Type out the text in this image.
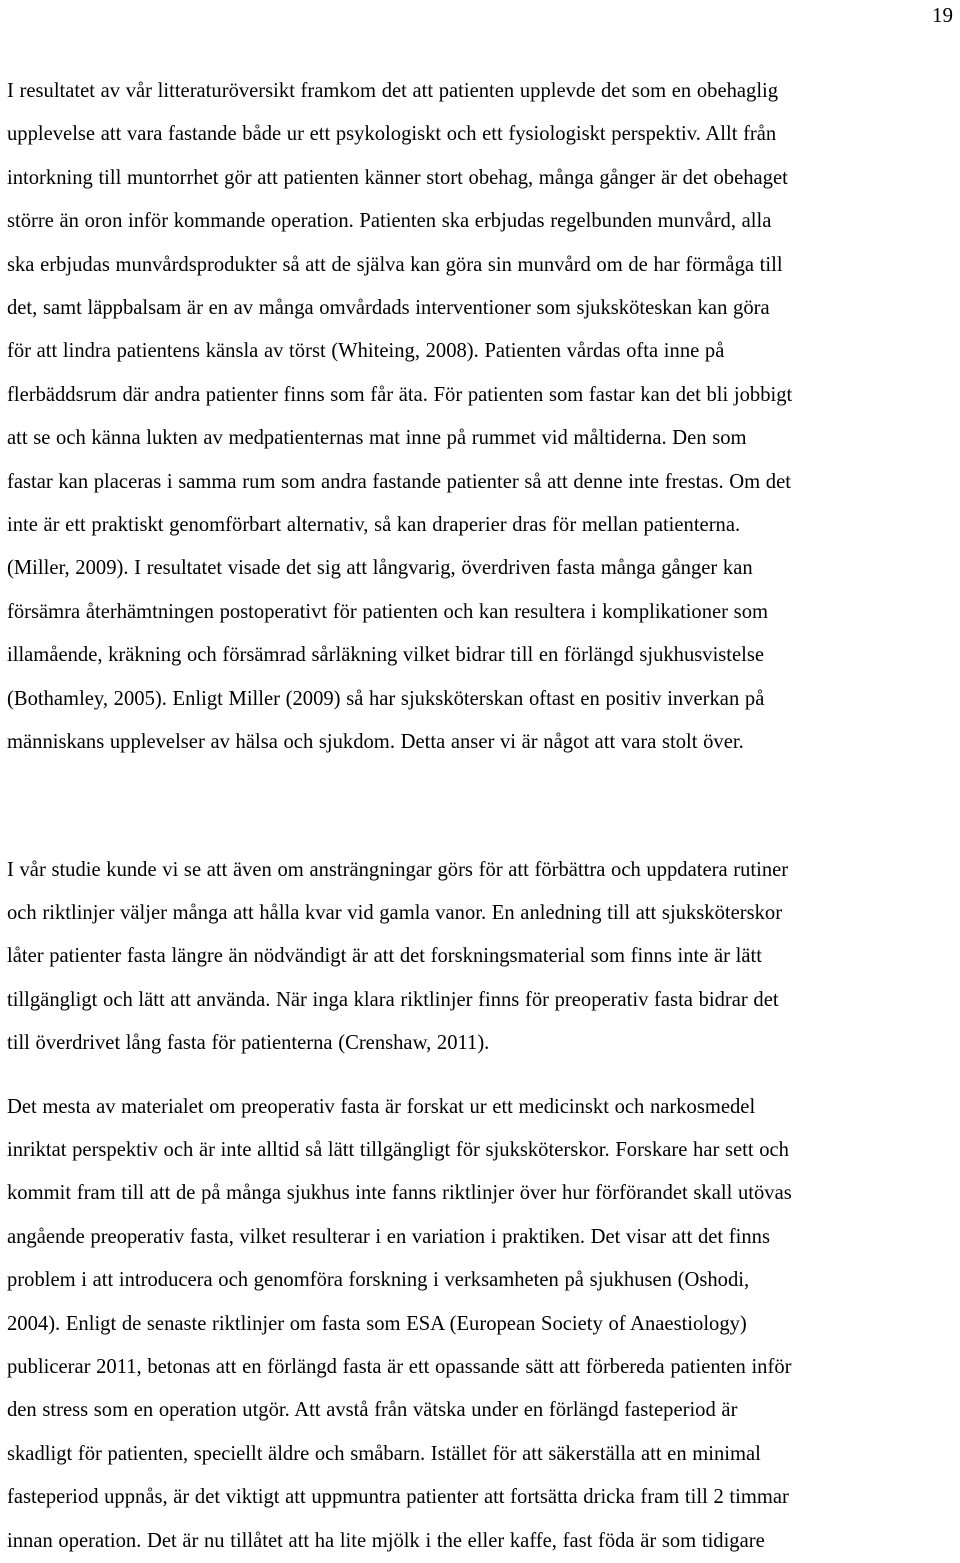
19

I resultatet av vår litteraturöversikt framkom det att patienten upplevde det som en obehaglig
upplevelse att vara fastande både ur ett psykologiskt och ett fysiologiskt perspektiv. Allt från
intorkning till muntorrhet gör att patienten känner stort obehag, många gånger är det obehaget
större än oron inför kommande operation. Patienten ska erbjudas regelbunden munvård, alla
ska erbjudas munvårdsprodukter så att de själva kan göra sin munvård om de har förmåga till
det, samt läppbalsam är en av många omvårdads interventioner som sjuksköteskan kan göra
för att lindra patientens känsla av törst (Whiteing, 2008). Patienten vårdas ofta inne på
flerbäddsrum där andra patienter finns som får äta. För patienten som fastar kan det bli jobbigt
att se och känna lukten av medpatienternas mat inne på rummet vid måltiderna. Den som
fastar kan placeras i samma rum som andra fastande patienter så att denne inte frestas. Om det
inte är ett praktiskt genomförbart alternativ, så kan draperier dras för mellan patienterna.
(Miller, 2009). I resultatet visade det sig att långvarig, överdriven fasta många gånger kan
försämra återhämtningen postoperativt för patienten och kan resultera i komplikationer som
illamående, kräkning och försämrad sårläkning vilket bidrar till en förlängd sjukhusvistelse
(Bothamley, 2005). Enligt Miller (2009) så har sjuksköterskan oftast en positiv inverkan på
människans upplevelser av hälsa och sjukdom. Detta anser vi är något att vara stolt över.

I vår studie kunde vi se att även om ansträngningar görs för att förbättra och uppdatera rutiner
och riktlinjer väljer många att hålla kvar vid gamla vanor. En anledning till att sjuksköterskor
låter patienter fasta längre än nödvändigt är att det forskningsmaterial som finns inte är lätt
tillgängligt och lätt att använda. När inga klara riktlinjer finns för preoperativ fasta bidrar det
till överdrivet lång fasta för patienterna (Crenshaw, 2011).

Det mesta av materialet om preoperativ fasta är forskat ur ett medicinskt och narkosmedel
inriktat perspektiv och är inte alltid så lätt tillgängligt för sjuksköterskor. Forskare har sett och
kommit fram till att de på många sjukhus inte fanns riktlinjer över hur förförandet skall utövas
angående preoperativ fasta, vilket resulterar i en variation i praktiken. Det visar att det finns
problem i att introducera och genomföra forskning i verksamheten på sjukhusen (Oshodi,
2004). Enligt de senaste riktlinjer om fasta som ESA (European Society of Anaestiology)
publicerar 2011, betonas att en förlängd fasta är ett opassande sätt att förbereda patienten inför
den stress som en operation utgör. Att avstå från vätska under en förlängd fasteperiod är
skadligt för patienten, speciellt äldre och småbarn. Istället för att säkerställa att en minimal
fasteperiod uppnås, är det viktigt att uppmuntra patienter att fortsätta dricka fram till 2 timmar
innan operation. Det är nu tillåtet att ha lite mjölk i the eller kaffe, fast föda är som tidigare
